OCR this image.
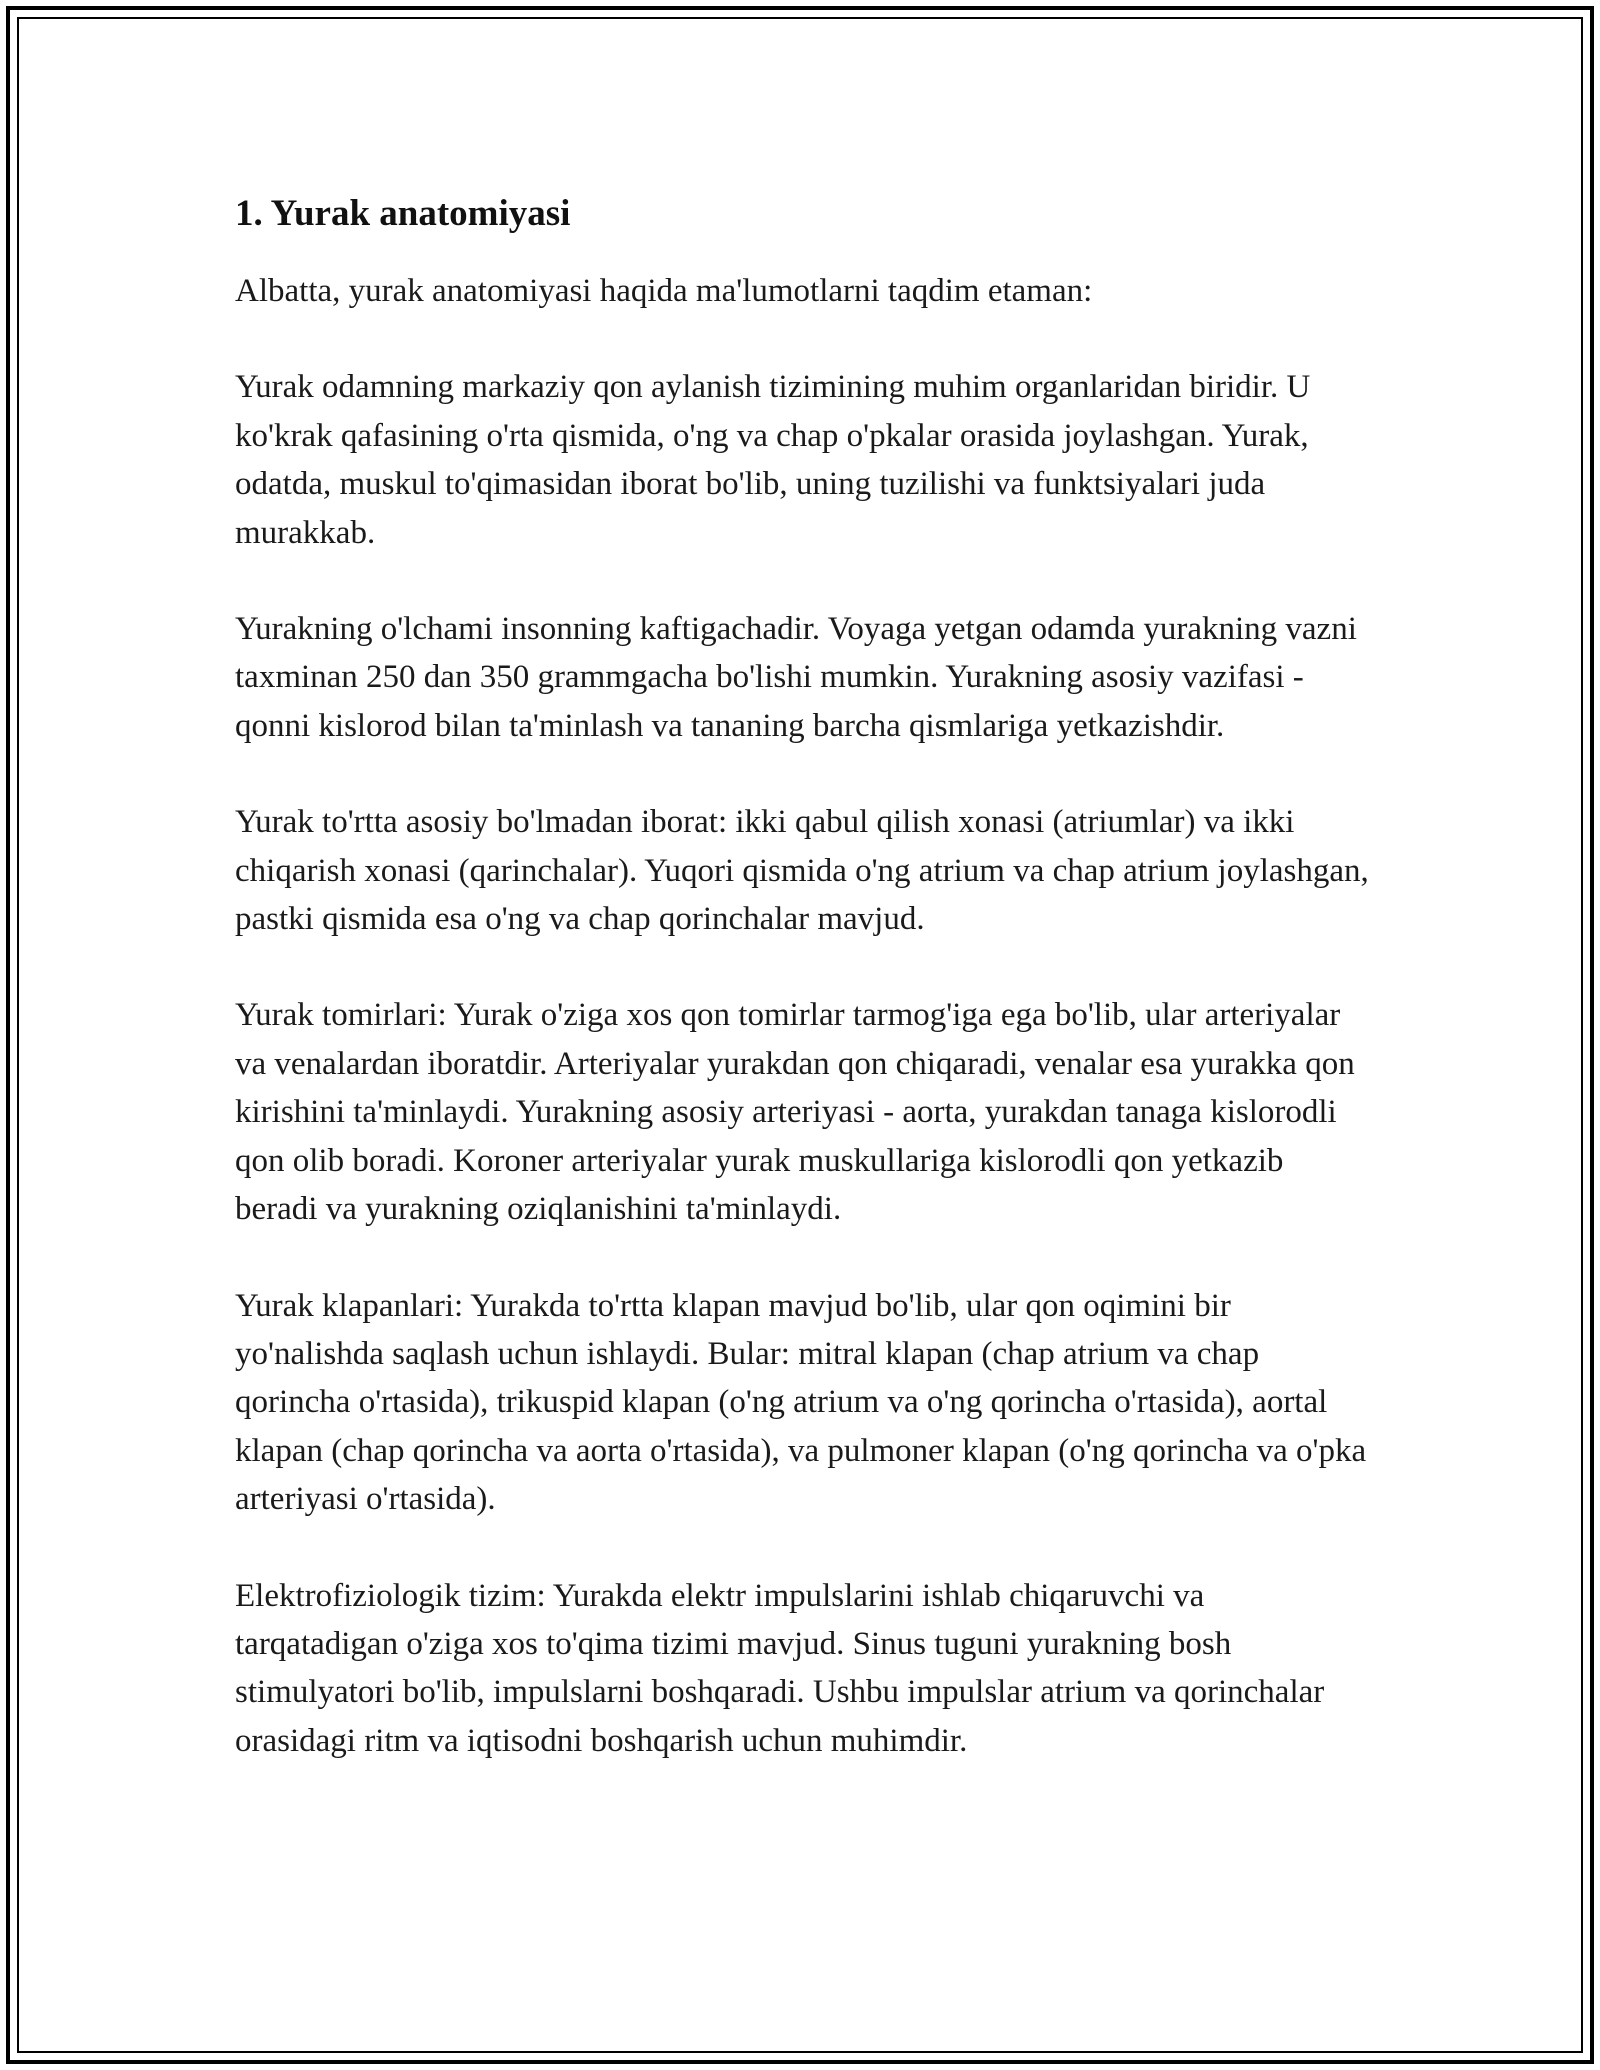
1. Yurak anatomiyasi

Albatta, yurak anatomiyasi haqida ma'lumotlarni taqdim etaman:

Yurak odamning markaziy qon aylanish tizimining muhim organlaridan biridir. U ko'krak qafasining o'rta qismida, o'ng va chap o'pkalar orasida joylashgan. Yurak, odatda, muskul to'qimasidan iborat bo'lib, uning tuzilishi va funktsiyalari juda murakkab.

Yurakning o'lchami insonning kaftigachadir. Voyaga yetgan odamda yurakning vazni taxminan 250 dan 350 grammgacha bo'lishi mumkin. Yurakning asosiy vazifasi - qonni kislorod bilan ta'minlash va tananing barcha qismlariga yetkazishdir.

Yurak to'rtta asosiy bo'lmadan iborat: ikki qabul qilish xonasi (atriumlar) va ikki chiqarish xonasi (qarinchalar). Yuqori qismida o'ng atrium va chap atrium joylashgan, pastki qismida esa o'ng va chap qorinchalar mavjud.

Yurak tomirlari: Yurak o'ziga xos qon tomirlar tarmog'iga ega bo'lib, ular arteriyalar va venalardan iboratdir. Arteriyalar yurakdan qon chiqaradi, venalar esa yurakka qon kirishini ta'minlaydi. Yurakning asosiy arteriyasi - aorta, yurakdan tanaga kislorodli qon olib boradi. Koroner arteriyalar yurak muskullariga kislorodli qon yetkazib beradi va yurakning oziqlanishini ta'minlaydi.

Yurak klapanlari: Yurakda to'rtta klapan mavjud bo'lib, ular qon oqimini bir yo'nalishda saqlash uchun ishlaydi. Bular: mitral klapan (chap atrium va chap qorincha o'rtasida), trikuspid klapan (o'ng atrium va o'ng qorincha o'rtasida), aortal klapan (chap qorincha va aorta o'rtasida), va pulmoner klapan (o'ng qorincha va o'pka arteriyasi o'rtasida).

Elektrofiziologik tizim: Yurakda elektr impulslarini ishlab chiqaruvchi va tarqatadigan o'ziga xos to'qima tizimi mavjud. Sinus tuguni yurakning bosh stimulyatori bo'lib, impulslarni boshqaradi. Ushbu impulslar atrium va qorinchalar orasidagi ritm va iqtisodni boshqarish uchun muhimdir.
